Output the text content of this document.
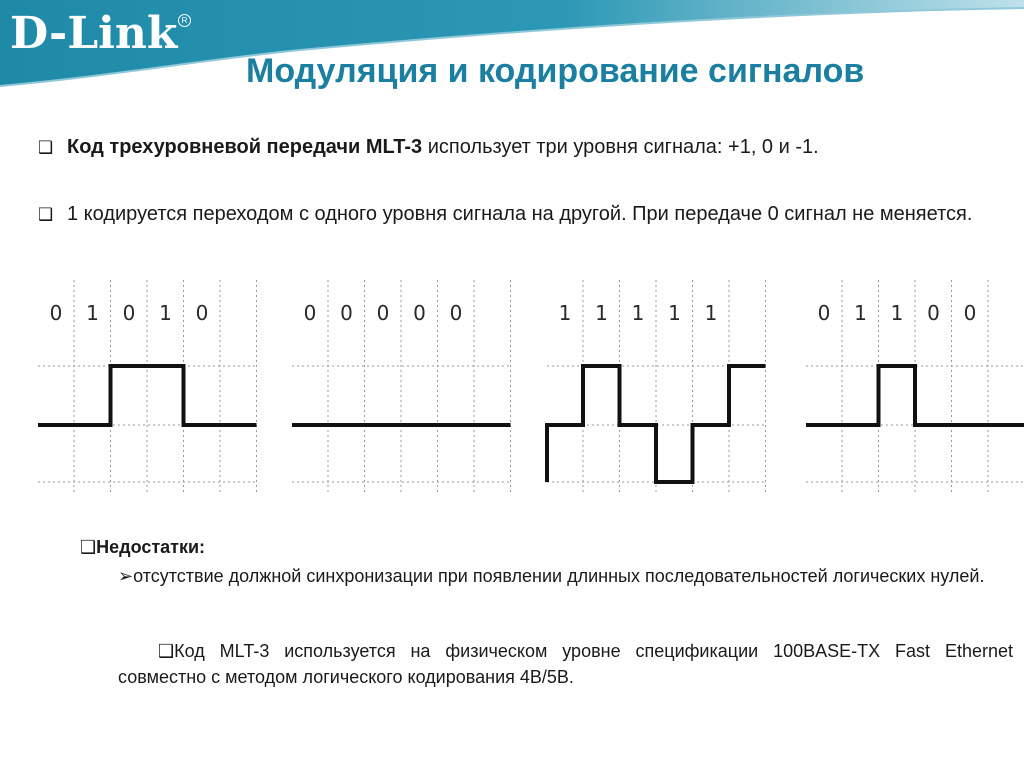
D-Link R
Модуляция и кодирование сигналов
❑ Код трехуровневой передачи MLT-3 использует три уровня сигнала: +1, 0 и -1.
❑ 1 кодируется переходом с одного уровня сигнала на другой. При передаче 0 сигнал не меняется.
0 1 0 1 0	0 0 0 0 0	1 1 1 1 1	0 1 1 0 0
❑Недостатки:
➢отсутствие должной синхронизации при появлении длинных последовательностей логических нулей.
❑Код MLT-3 используется на физическом уровне спецификации 100BASE-TX Fast Ethernet совместно с методом логического кодирования 4B/5B.
